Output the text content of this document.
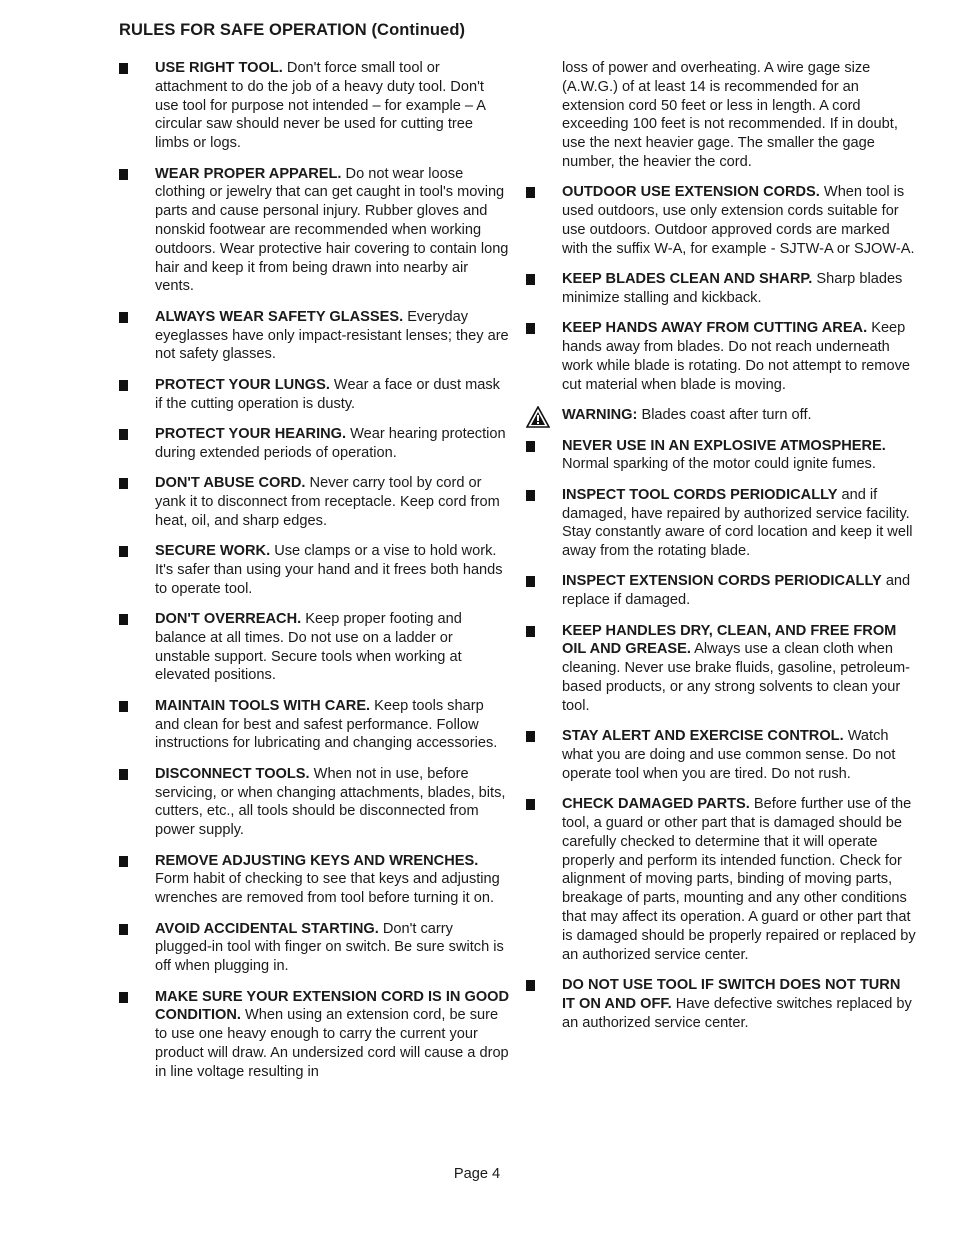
RULES FOR SAFE OPERATION (Continued)
USE RIGHT TOOL. Don't force small tool or attachment to do the job of a heavy duty tool. Don't use tool for purpose not intended – for example – A circular saw should never be used for cutting tree limbs or logs.
WEAR PROPER APPAREL. Do not wear loose clothing or jewelry that can get caught in tool's moving parts and cause personal injury. Rubber gloves and nonskid footwear are recommended when working outdoors. Wear protective hair covering to contain long hair and keep it from being drawn into nearby air vents.
ALWAYS WEAR SAFETY GLASSES. Everyday eyeglasses have only impact-resistant lenses; they are not safety glasses.
PROTECT YOUR LUNGS. Wear a face or dust mask if the cutting operation is dusty.
PROTECT YOUR HEARING. Wear hearing protection during extended periods of operation.
DON'T ABUSE CORD. Never carry tool by cord or yank it to disconnect from receptacle. Keep cord from heat, oil, and sharp edges.
SECURE WORK. Use clamps or a vise to hold work. It's safer than using your hand and it frees both hands to operate tool.
DON'T OVERREACH. Keep proper footing and balance at all times. Do not use on a ladder or unstable support. Secure tools when working at elevated positions.
MAINTAIN TOOLS WITH CARE. Keep tools sharp and clean for best and safest performance. Follow instructions for lubricating and changing accessories.
DISCONNECT TOOLS. When not in use, before servicing, or when changing attachments, blades, bits, cutters, etc., all tools should be disconnected from power supply.
REMOVE ADJUSTING KEYS AND WRENCHES. Form habit of checking to see that keys and adjusting wrenches are removed from tool before turning it on.
AVOID ACCIDENTAL STARTING. Don't carry plugged-in tool with finger on switch. Be sure switch is off when plugging in.
MAKE SURE YOUR EXTENSION CORD IS IN GOOD CONDITION. When using an extension cord, be sure to use one heavy enough to carry the current your product will draw. An undersized cord will cause a drop in line voltage resulting in
loss of power and overheating. A wire gage size (A.W.G.) of at least 14 is recommended for an extension cord 50 feet or less in length. A cord exceeding 100 feet is not recommended. If in doubt, use the next heavier gage. The smaller the gage number, the heavier the cord.
OUTDOOR USE EXTENSION CORDS. When tool is used outdoors, use only extension cords suitable for use outdoors. Outdoor approved cords are marked with the suffix W-A, for example - SJTW-A or SJOW-A.
KEEP BLADES CLEAN AND SHARP. Sharp blades minimize stalling and kickback.
KEEP HANDS AWAY FROM CUTTING AREA. Keep hands away from blades. Do not reach underneath work while blade is rotating. Do not attempt to remove cut material when blade is moving.
WARNING: Blades coast after turn off.
NEVER USE IN AN EXPLOSIVE ATMOSPHERE. Normal sparking of the motor could ignite fumes.
INSPECT TOOL CORDS PERIODICALLY and if damaged, have repaired by authorized service facility. Stay constantly aware of cord location and keep it well away from the rotating blade.
INSPECT EXTENSION CORDS PERIODICALLY and replace if damaged.
KEEP HANDLES DRY, CLEAN, AND FREE FROM OIL AND GREASE. Always use a clean cloth when cleaning. Never use brake fluids, gasoline, petroleum-based products, or any strong solvents to clean your tool.
STAY ALERT AND EXERCISE CONTROL. Watch what you are doing and use common sense. Do not operate tool when you are tired. Do not rush.
CHECK DAMAGED PARTS. Before further use of the tool, a guard or other part that is damaged should be carefully checked to determine that it will operate properly and perform its intended function. Check for alignment of moving parts, binding of moving parts, breakage of parts, mounting and any other conditions that may affect its operation. A guard or other part that is damaged should be properly repaired or replaced by an authorized service center.
DO NOT USE TOOL IF SWITCH DOES NOT TURN IT ON AND OFF. Have defective switches replaced by an authorized service center.
Page 4
